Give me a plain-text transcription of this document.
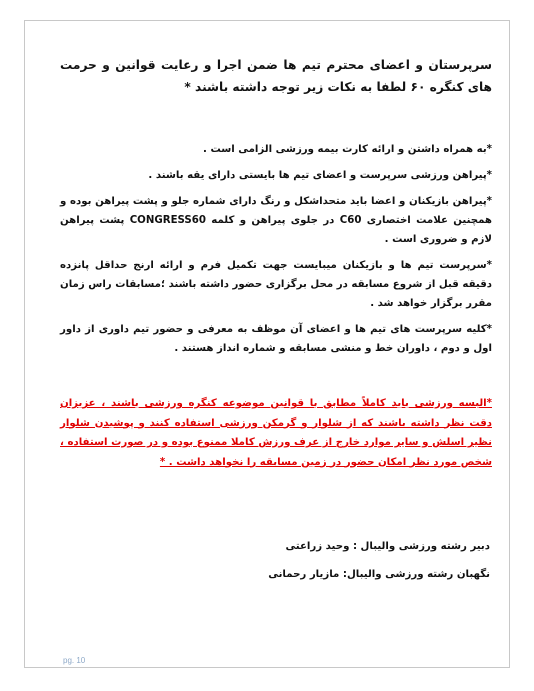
سرپرستان و اعضای محترم تیم ها ضمن اجرا و رعایت قوانین و حرمت های کنگره ۶۰ لطفا به نکات زیر توجه داشته باشند *

*به همراه داشتن و ارائه کارت بیمه ورزشی الزامی است .

*پیراهن ورزشی سرپرست و اعضای تیم ها بایستی دارای یقه باشند .

*پیراهن بازیکنان و اعضا باید متحداشکل و رنگ دارای شماره جلو و پشت پیراهن بوده و همچنین علامت اختصاری C60 در جلوی پیراهن و کلمه CONGRESS60 پشت پیراهن لازم و ضروری است .

*سرپرست تیم ها و بازیکنان میبایست جهت تکمیل فرم و ارائه ارنج حداقل پانزده دقیقه قبل از شروع مسابقه در محل برگزاری حضور داشته باشند ؛مسابقات راس زمان مقرر برگزار خواهد شد .

*کلیه سرپرست های تیم ها و اعضای آن موظف به معرفی و حضور تیم داوری از داور اول و دوم ، داوران خط و منشی مسابقه و شماره انداز هستند .

*البسه ورزشی باید کاملاً مطابق با قوانین موضوعه کنگره ورزشی باشند ، عزیزان دقت نظر داشته باشند که از شلوار و گرمکن ورزشی استفاده کنند و پوشیدن شلوار نظیر اسلش و سایر موارد خارج از عرف ورزش کاملا ممنوع بوده و در صورت استفاده ، شخص مورد نظر امکان حضور در زمین مسابقه را نخواهد داشت . *

دبیر رشته ورزشی والیبال : وحید زراعتی
نگهبان رشته ورزشی والیبال: مازیار رحمانی
pg. 10
